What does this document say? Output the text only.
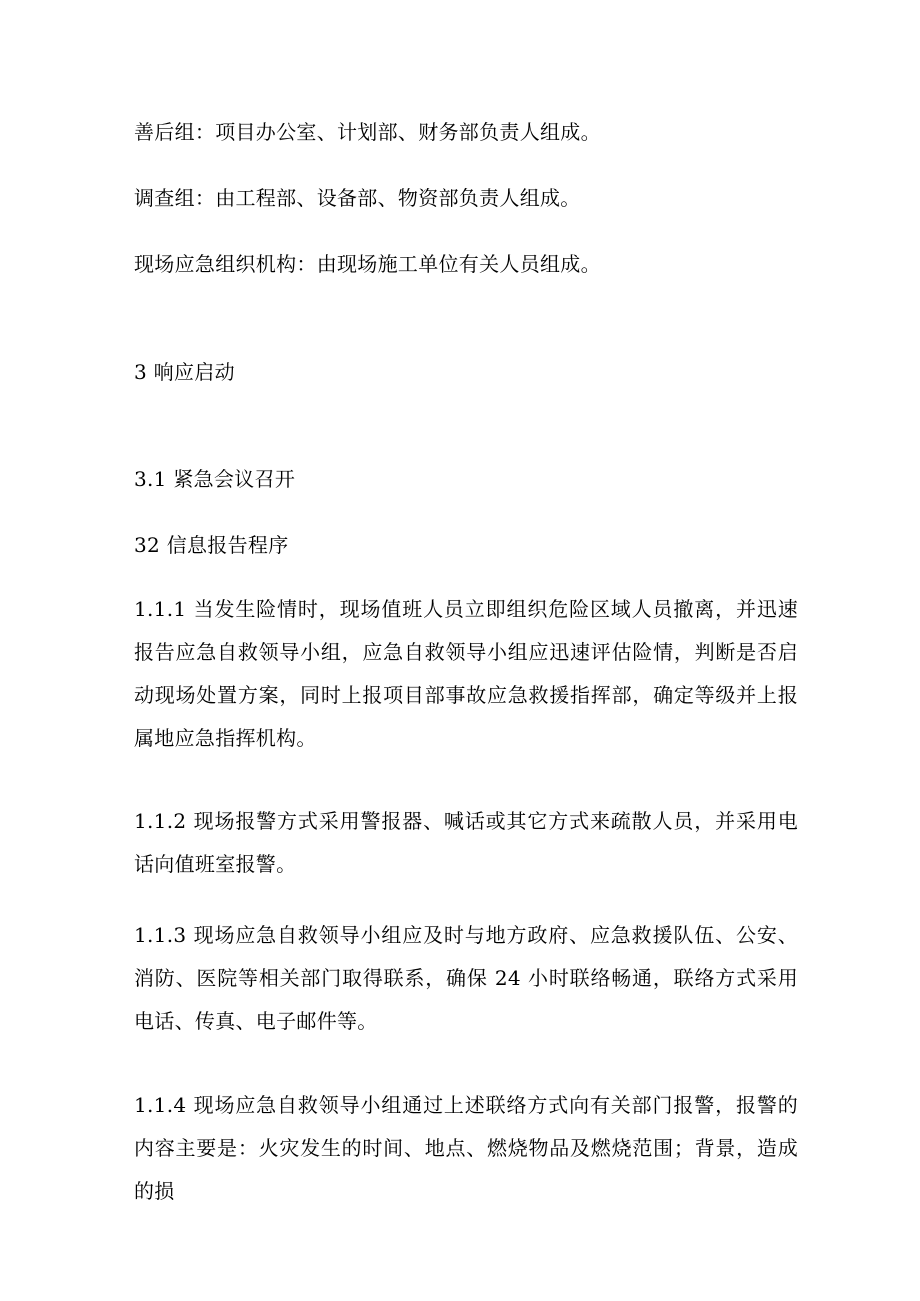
善后组：项目办公室、计划部、财务部负责人组成。
调查组：由工程部、设备部、物资部负责人组成。
现场应急组织机构：由现场施工单位有关人员组成。
3 响应启动
3.1 紧急会议召开
32 信息报告程序
1.1.1 当发生险情时，现场值班人员立即组织危险区域人员撤离，并迅速报告应急自救领导小组，应急自救领导小组应迅速评估险情，判断是否启动现场处置方案，同时上报项目部事故应急救援指挥部，确定等级并上报属地应急指挥机构。
1.1.2 现场报警方式采用警报器、喊话或其它方式来疏散人员，并采用电话向值班室报警。
1.1.3 现场应急自救领导小组应及时与地方政府、应急救援队伍、公安、消防、医院等相关部门取得联系，确保 24 小时联络畅通，联络方式采用电话、传真、电子邮件等。
1.1.4 现场应急自救领导小组通过上述联络方式向有关部门报警，报警的内容主要是：火灾发生的时间、地点、燃烧物品及燃烧范围；背景，造成的损
